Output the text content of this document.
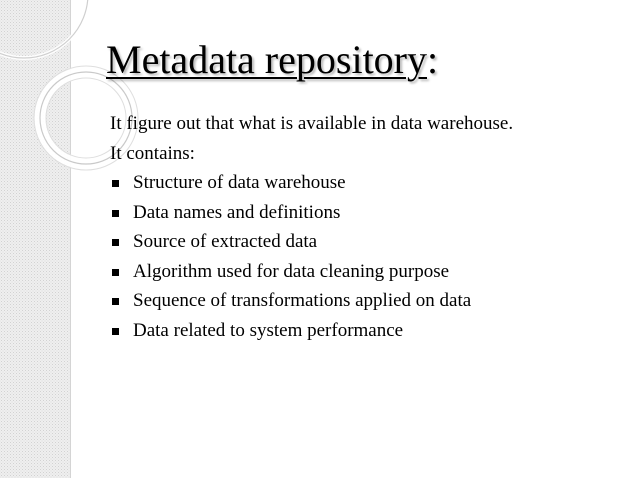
Metadata repository:

It figure out that what is available in data warehouse.

It contains:

Structure of data warehouse
Data names and definitions
Source of extracted data
Algorithm used for data cleaning purpose
Sequence of transformations applied on data
Data related to system performance
